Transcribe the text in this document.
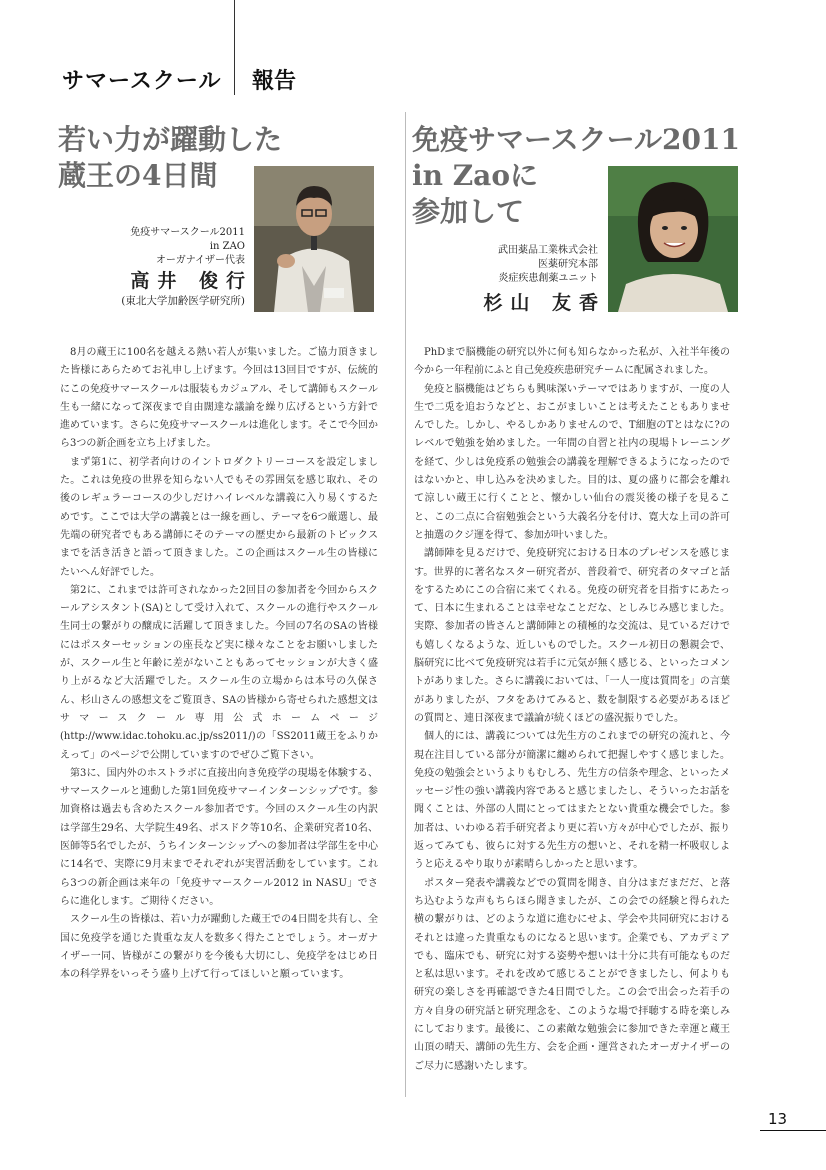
サマースクール 報告
若い力が躍動した
蔵王の4日間
免疫サマースクール2011
in ZAO
オーガナイザー代表
高井 俊行
(東北大学加齢医学研究所)

8月の蔵王に100名を越える熱い若人が集いました。ご協力頂きました皆様にあらためてお礼申し上げます。今回は13回目ですが、伝統的にこの免疫サマースクールは服装もカジュアル、そして講師もスクール生も一緒になって深夜まで自由闊達な議論を繰り広げるという方針で進めています。さらに免疫サマースクールは進化します。そこで今回から3つの新企画を立ち上げました。

まず第1に、初学者向けのイントロダクトリーコースを設定しました。これは免疫の世界を知らない人でもその雰囲気を感じ取れ、その後のレギュラーコースの少しだけハイレベルな講義に入り易くするためです。ここでは大学の講義とは一線を画し、テーマを6つ厳選し、最先端の研究者でもある講師にそのテーマの歴史から最新のトピックスまでを活き活きと語って頂きました。この企画はスクール生の皆様にたいへん好評でした。

第2に、これまでは許可されなかった2回目の参加者を今回からスクールアシスタント(SA)として受け入れて、スクールの進行やスクール生同士の繋がりの醸成に活躍して頂きました。今回の7名のSAの皆様にはポスターセッションの座長など実に様々なことをお願いしましたが、スクール生と年齢に差がないこともあってセッションが大きく盛り上がるなど大活躍でした。スクール生の立場からは本号の久保さん、杉山さんの感想文をご覧頂き、SAの皆様から寄せられた感想文はサマースクール専用公式ホームページ(http://www.idac.tohoku.ac.jp/ss2011/)の「SS2011蔵王をふりかえって」のページで公開していますのでぜひご覧下さい。

第3に、国内外のホストラボに直接出向き免疫学の現場を体験する、サマースクールと連動した第1回免疫サマーインターンシップです。参加資格は過去も含めたスクール参加者です。今回のスクール生の内訳は学部生29名、大学院生49名、ポスドク等10名、企業研究者10名、医師等5名でしたが、うちインターンシップへの参加者は学部生を中心に14名で、実際に9月末までそれぞれが実習活動をしています。これら3つの新企画は来年の「免疫サマースクール2012 in NASU」でさらに進化します。ご期待ください。

スクール生の皆様は、若い力が躍動した蔵王での4日間を共有し、全国に免疫学を通じた貴重な友人を数多く得たことでしょう。オーガナイザー一同、皆様がこの繋がりを今後も大切にし、免疫学をはじめ日本の科学界をいっそう盛り上げて行ってほしいと願っています。

免疫サマースクール2011
in Zaoに
参加して
武田薬品工業株式会社
医薬研究本部
炎症疾患創薬ユニット
杉山 友香

PhDまで脳機能の研究以外に何も知らなかった私が、入社半年後の今から一年程前にふと自己免疫疾患研究チームに配属されました。

免疫と脳機能はどちらも興味深いテーマではありますが、一度の人生で二兎を追おうなどと、おこがましいことは考えたこともありませんでした。しかし、やるしかありませんので、T細胞のTとはなに?のレベルで勉強を始めました。一年間の自習と社内の現場トレーニングを経て、少しは免疫系の勉強会の講義を理解できるようになったのではないかと、申し込みを決めました。目的は、夏の盛りに都会を離れて涼しい蔵王に行くことと、懐かしい仙台の震災後の様子を見ること、この二点に合宿勉強会という大義名分を付け、寛大な上司の許可と抽選のクジ運を得て、参加が叶いました。

講師陣を見るだけで、免疫研究における日本のプレゼンスを感じます。世界的に著名なスター研究者が、普段着で、研究者のタマゴと話をするためにこの合宿に来てくれる。免疫の研究者を目指すにあたって、日本に生まれることは幸せなことだな、としみじみ感じました。実際、参加者の皆さんと講師陣との積極的な交流は、見ているだけでも嬉しくなるような、近しいものでした。スクール初日の懇親会で、脳研究に比べて免疫研究は若手に元気が無く感じる、といったコメントがありました。さらに講義においては、「一人一度は質問を」の言葉がありましたが、フタをあけてみると、数を制限する必要があるほどの質問と、連日深夜まで議論が続くほどの盛況振りでした。

個人的には、講義については先生方のこれまでの研究の流れと、今現在注目している部分が簡潔に纏められて把握しやすく感じました。免疫の勉強会というよりもむしろ、先生方の信条や理念、といったメッセージ性の強い講義内容であると感じましたし、そういったお話を聞くことは、外部の人間にとってはまたとない貴重な機会でした。参加者は、いわゆる若手研究者より更に若い方々が中心でしたが、振り返ってみても、彼らに対する先生方の想いと、それを精一杯吸収しようと応えるやり取りが素晴らしかったと思います。

ポスター発表や講義などでの質問を聞き、自分はまだまだだ、と落ち込むような声もちらほら聞きましたが、この会での経験と得られた横の繋がりは、どのような道に進むにせよ、学会や共同研究におけるそれとは違った貴重なものになると思います。企業でも、アカデミアでも、臨床でも、研究に対する姿勢や想いは十分に共有可能なものだと私は思います。それを改めて感じることができましたし、何よりも研究の楽しさを再確認できた4日間でした。この会で出会った若手の方々自身の研究話と研究理念を、このような場で拝聴する時を楽しみにしております。最後に、この素敵な勉強会に参加できた幸運と蔵王山頂の晴天、講師の先生方、会を企画・運営されたオーガナイザーのご尽力に感謝いたします。

13
